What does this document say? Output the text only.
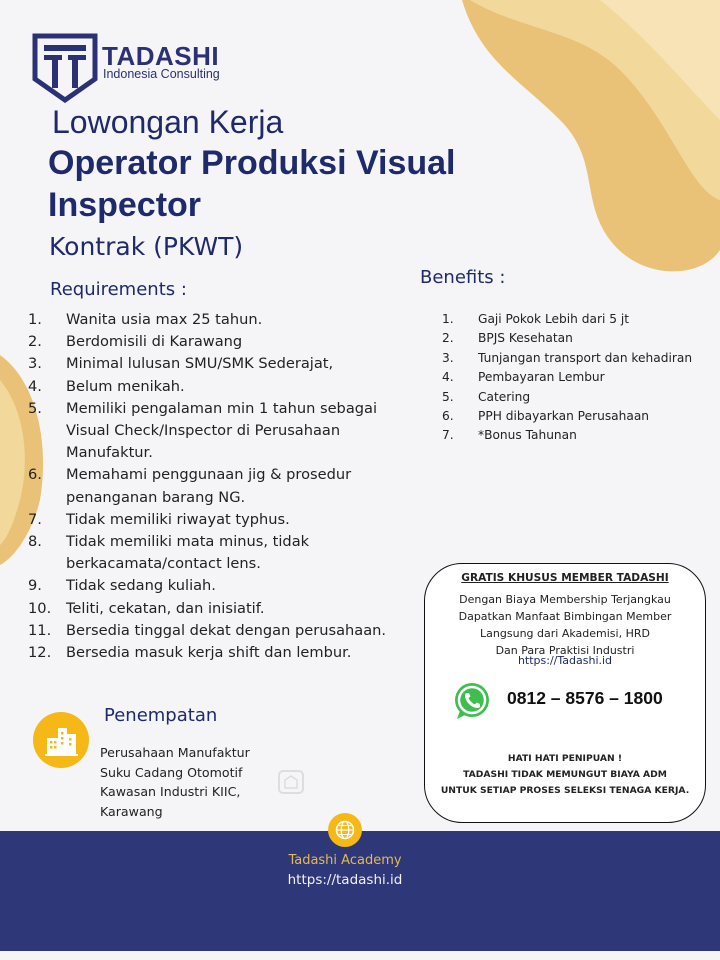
TADASHI
Indonesia Consulting
Lowongan Kerja
Operator Produksi Visual Inspector
Kontrak (PKWT)
Requirements :
1. Wanita usia max 25 tahun.
2. Berdomisili di Karawang
3. Minimal lulusan SMU/SMK Sederajat,
4. Belum menikah.
5. Memiliki pengalaman min 1 tahun sebagai Visual Check/Inspector di Perusahaan Manufaktur.
6. Memahami penggunaan jig & prosedur penanganan barang NG.
7. Tidak memiliki riwayat typhus.
8. Tidak memiliki mata minus, tidak berkacamata/contact lens.
9. Tidak sedang kuliah.
10. Teliti, cekatan, dan inisiatif.
11. Bersedia tinggal dekat dengan perusahaan.
12. Bersedia masuk kerja shift dan lembur.
Benefits :
1. Gaji Pokok Lebih dari 5 jt
2. BPJS Kesehatan
3. Tunjangan transport dan kehadiran
4. Pembayaran Lembur
5. Catering
6. PPH dibayarkan Perusahaan
7. *Bonus Tahunan
GRATIS KHUSUS MEMBER TADASHI
Dengan Biaya Membership Terjangkau
Dapatkan Manfaat Bimbingan Member
Langsung dari Akademisi, HRD
Dan Para Praktisi Industri
https://Tadashi.id
0812 – 8576 – 1800
HATI HATI PENIPUAN !
TADASHI TIDAK MEMUNGUT BIAYA ADM
UNTUK SETIAP PROSES SELEKSI TENAGA KERJA.
Penempatan
Perusahaan Manufaktur
Suku Cadang Otomotif
Kawasan Industri KIIC,
Karawang
Tadashi Academy
https://tadashi.id
